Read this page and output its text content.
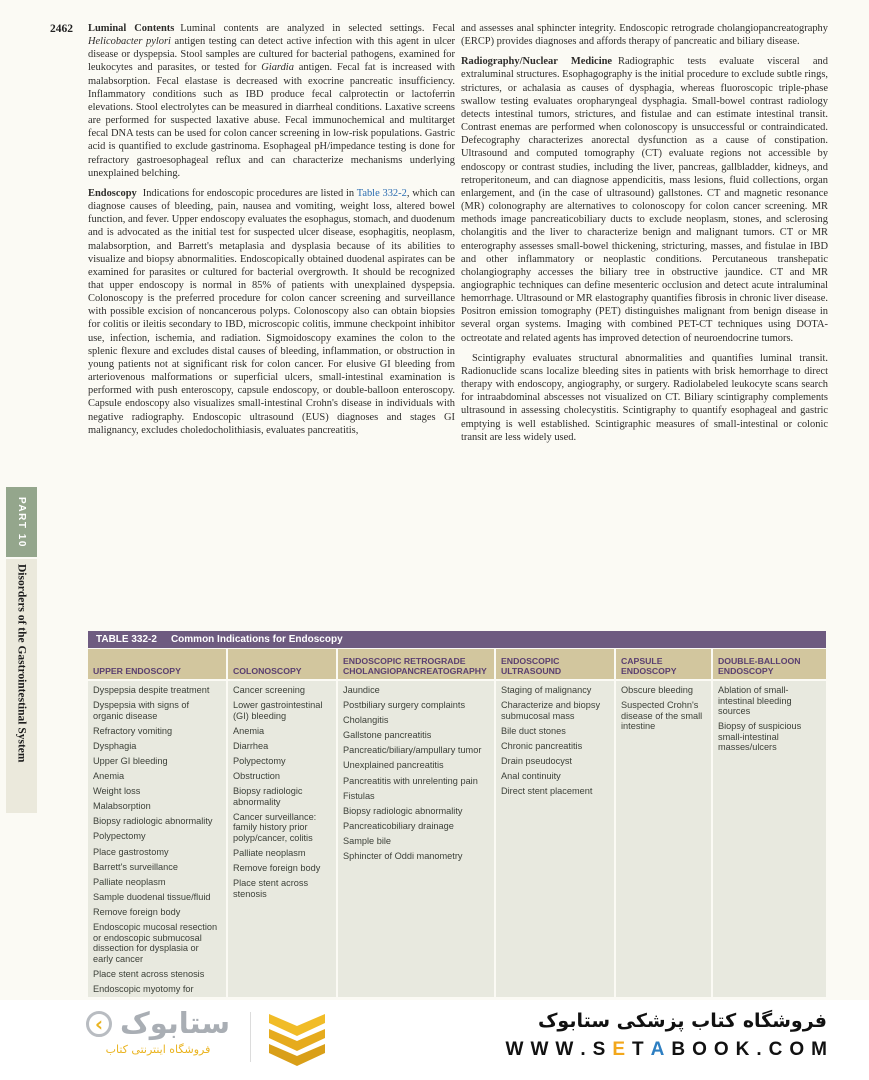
2462
PART 10
Disorders of the Gastrointestinal System

Luminal Contents Luminal contents are analyzed in selected settings. Fecal Helicobacter pylori antigen testing can detect active infection with this agent in ulcer disease or dyspepsia. Stool samples are cultured for bacterial pathogens, examined for leukocytes and parasites, or tested for Giardia antigen. Fecal fat is increased with malabsorption. Fecal elastase is decreased with exocrine pancreatic insufficiency. Inflammatory conditions such as IBD produce fecal calprotectin or lactoferrin elevations. Stool electrolytes can be measured in diarrheal conditions. Laxative screens are performed for suspected laxative abuse. Fecal immunochemical and multitarget fecal DNA tests can be used for colon cancer screening in low-risk populations. Gastric acid is quantified to exclude gastrinoma. Esophageal pH/impedance testing is done for refractory gastroesophageal reflux and can characterize mechanisms underlying unexplained belching.

Endoscopy Indications for endoscopic procedures are listed in Table 332-2, which can diagnose causes of bleeding, pain, nausea and vomiting, weight loss, altered bowel function, and fever. Upper endoscopy evaluates the esophagus, stomach, and duodenum and is advocated as the initial test for suspected ulcer disease, esophagitis, neoplasm, malabsorption, and Barrett's metaplasia and dysplasia because of its abilities to visualize and biopsy abnormalities. Endoscopically obtained duodenal aspirates can be examined for parasites or cultured for bacterial overgrowth. It should be recognized that upper endoscopy is normal in 85% of patients with unexplained dyspepsia. Colonoscopy is the preferred procedure for colon cancer screening and surveillance with possible excision of noncancerous polyps. Colonoscopy also can obtain biopsies for colitis or ileitis secondary to IBD, microscopic colitis, immune checkpoint inhibitor use, infection, ischemia, and radiation. Sigmoidoscopy examines the colon to the splenic flexure and excludes distal causes of bleeding, inflammation, or obstruction in young patients not at significant risk for colon cancer. For elusive GI bleeding from arteriovenous malformations or superficial ulcers, small-intestinal examination is performed with push enteroscopy, capsule endoscopy, or double-balloon enteroscopy. Capsule endoscopy also visualizes small-intestinal Crohn's disease in individuals with negative radiography. Endoscopic ultrasound (EUS) diagnoses and stages GI malignancy, excludes choledocholithiasis, evaluates pancreatitis,

and assesses anal sphincter integrity. Endoscopic retrograde cholangiopancreatography (ERCP) provides diagnoses and affords therapy of pancreatic and biliary disease.

Radiography/Nuclear Medicine Radiographic tests evaluate visceral and extraluminal structures. Esophagography is the initial procedure to exclude subtle rings, strictures, or achalasia as causes of dysphagia, whereas fluoroscopic triple-phase swallow testing evaluates oropharyngeal dysphagia. Small-bowel contrast radiology detects intestinal tumors, strictures, and fistulae and can estimate intestinal transit. Contrast enemas are performed when colonoscopy is unsuccessful or contraindicated. Defecography characterizes anorectal dysfunction as a cause of constipation. Ultrasound and computed tomography (CT) evaluate regions not accessible by endoscopy or contrast studies, including the liver, pancreas, gallbladder, kidneys, and retroperitoneum, and can diagnose appendicitis, mass lesions, fluid collections, organ enlargement, and (in the case of ultrasound) gallstones. CT and magnetic resonance (MR) colonography are alternatives to colonoscopy for colon cancer screening. MR methods image pancreaticobiliary ducts to exclude neoplasm, stones, and sclerosing cholangitis and the liver to characterize benign and malignant tumors. CT or MR enterography assesses small-bowel thickening, stricturing, masses, and fistulae in IBD and other inflammatory or neoplastic conditions. Percutaneous transhepatic cholangiography accesses the biliary tree in obstructive jaundice. CT and MR angiographic techniques can define mesenteric occlusion and detect acute intraluminal hemorrhage. Ultrasound or MR elastography quantifies fibrosis in chronic liver disease. Positron emission tomography (PET) distinguishes malignant from benign disease in several organ systems. Imaging with combined PET-CT techniques using DOTA-octreotate and related agents has improved detection of neuroendocrine tumors.

Scintigraphy evaluates structural abnormalities and quantifies luminal transit. Radionuclide scans localize bleeding sites in patients with brisk hemorrhage to direct therapy with endoscopy, angiography, or surgery. Radiolabeled leukocyte scans search for intraabdominal abscesses not visualized on CT. Biliary scintigraphy complements ultrasound in assessing cholecystitis. Scintigraphy to quantify esophageal and gastric emptying is well established. Scintigraphic measures of small-intestinal or colonic transit are less widely used.

TABLE 332-2 Common Indications for Endoscopy
UPPER ENDOSCOPY	COLONOSCOPY
ENDOSCOPIC RETROGRADE CHOLANGIOPANCREATOGRAPHY
ENDOSCOPIC ULTRASOUND
CAPSULE ENDOSCOPY
DOUBLE-BALLOON ENDOSCOPY
Dyspepsia despite treatment
Dyspepsia with signs of organic disease
Refractory vomiting
Dysphagia
Upper GI bleeding
Anemia
Weight loss
Malabsorption
Biopsy radiologic abnormality
Polypectomy
Place gastrostomy
Barrett's surveillance
Palliate neoplasm
Sample duodenal tissue/fluid
Remove foreign body
Endoscopic mucosal resection or endoscopic submucosal dissection for dysplasia or early cancer
Place stent across stenosis
Endoscopic myotomy for
Cancer screening
Lower gastrointestinal (GI) bleeding
Anemia
Diarrhea
Polypectomy
Obstruction
Biopsy radiologic abnormality
Cancer surveillance: family history prior polyp/cancer, colitis
Palliate neoplasm
Remove foreign body
Place stent across stenosis
Jaundice
Postbiliary surgery complaints
Cholangitis
Gallstone pancreatitis
Pancreatic/biliary/ampullary tumor
Unexplained pancreatitis
Pancreatitis with unrelenting pain
Fistulas
Biopsy radiologic abnormality
Pancreaticobiliary drainage
Sample bile
Sphincter of Oddi manometry
Staging of malignancy
Characterize and biopsy submucosal mass
Bile duct stones
Chronic pancreatitis
Drain pseudocyst
Anal continuity
Direct stent placement
Obscure bleeding
Suspected Crohn's disease of the small intestine
Ablation of small-intestinal bleeding sources
Biopsy of suspicious small-intestinal masses/ulcers
‹ ستابوک
فروشگاه اینترنتی کتاب
فروشگاه کتاب پزشکی ستابوک
W W W . S E T A B O O K . C O M
